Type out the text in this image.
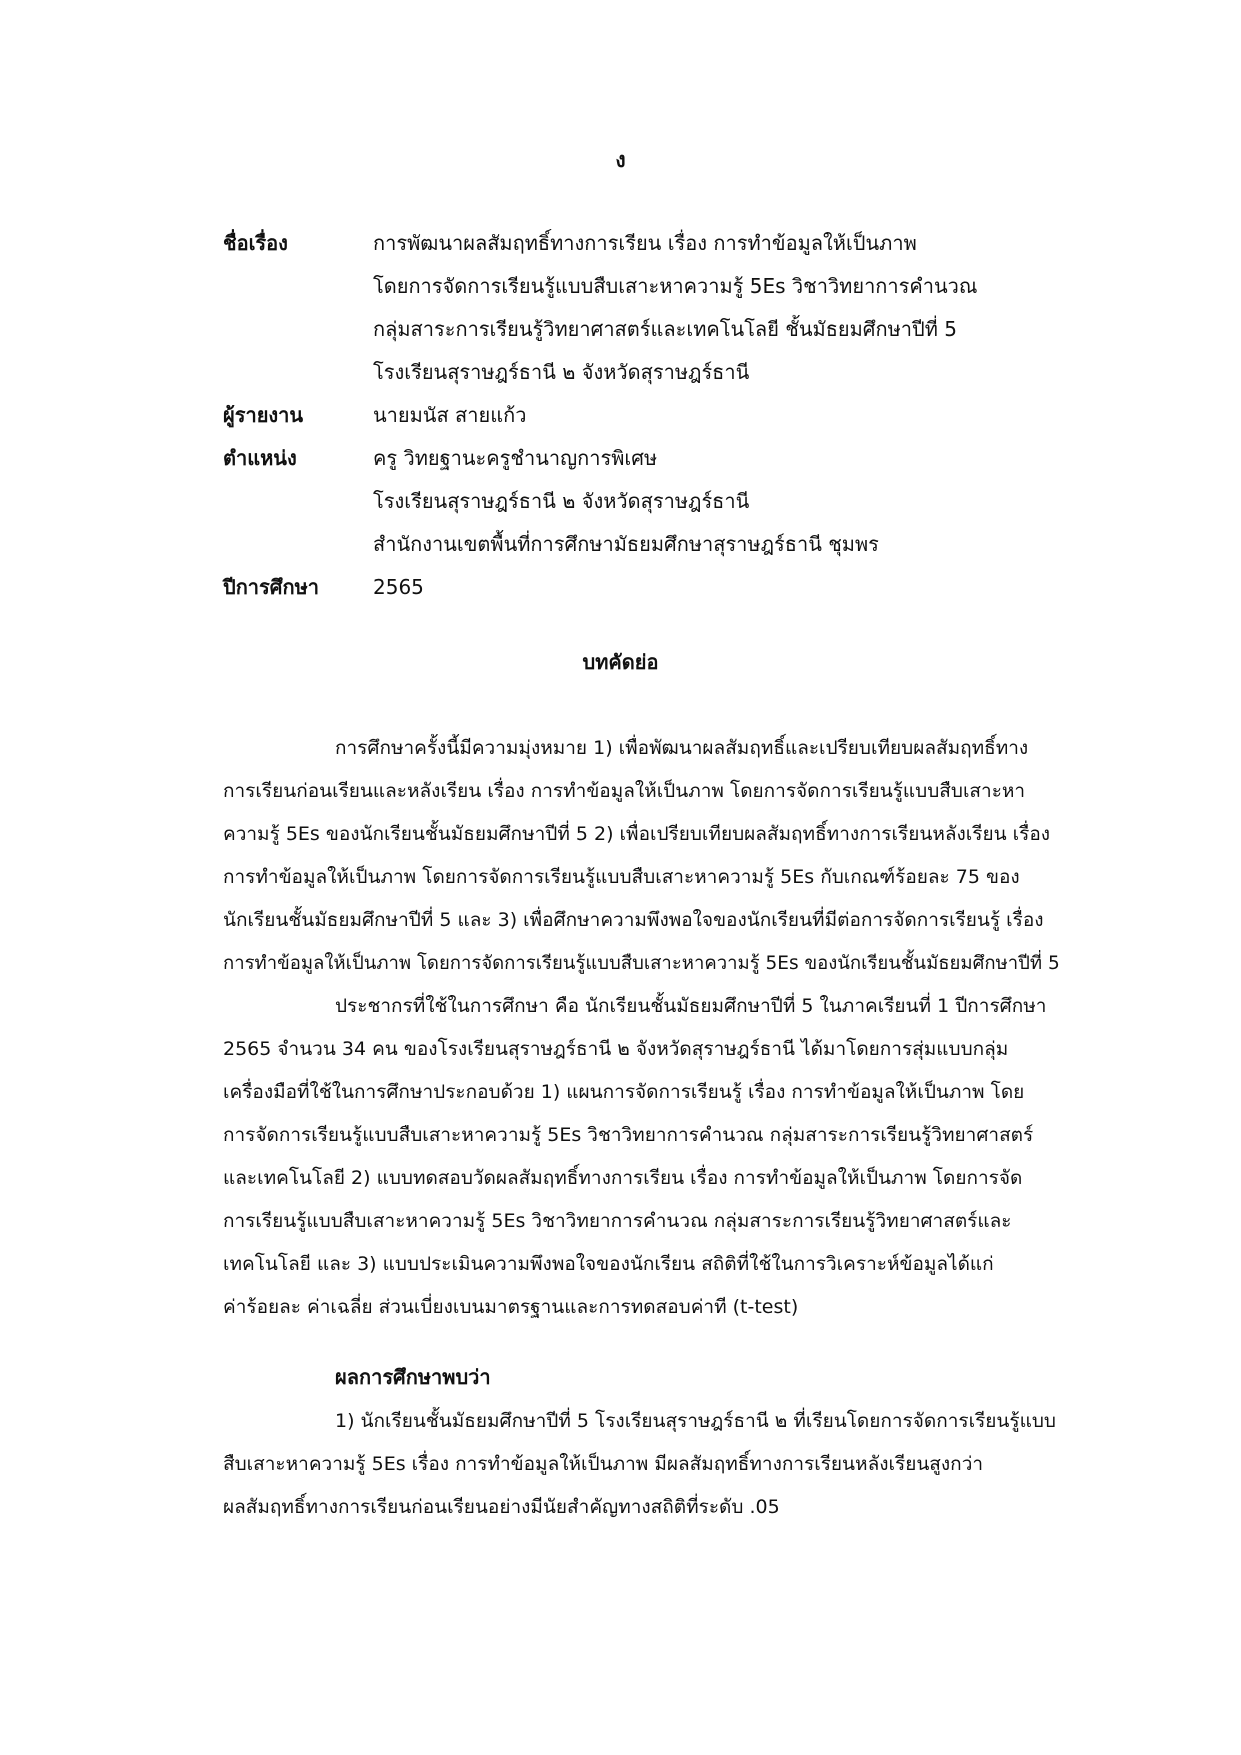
ง
ชื่อเรื่อง	การพัฒนาผลสัมฤทธิ์ทางการเรียน เรื่อง การทำข้อมูลให้เป็นภาพ
โดยการจัดการเรียนรู้แบบสืบเสาะหาความรู้ 5Es วิชาวิทยาการคำนวณ
กลุ่มสาระการเรียนรู้วิทยาศาสตร์และเทคโนโลยี ชั้นมัธยมศึกษาปีที่ 5
โรงเรียนสุราษฎร์ธานี ๒ จังหวัดสุราษฎร์ธานี
ผู้รายงาน	นายมนัส สายแก้ว
ตำแหน่ง	ครู วิทยฐานะครูชำนาญการพิเศษ
โรงเรียนสุราษฎร์ธานี ๒ จังหวัดสุราษฎร์ธานี
สำนักงานเขตพื้นที่การศึกษามัธยมศึกษาสุราษฎร์ธานี ชุมพร
ปีการศึกษา	2565
บทคัดย่อ
การศึกษาครั้งนี้มีความมุ่งหมาย 1) เพื่อพัฒนาผลสัมฤทธิ์และเปรียบเทียบผลสัมฤทธิ์ทาง
การเรียนก่อนเรียนและหลังเรียน เรื่อง การทำข้อมูลให้เป็นภาพ โดยการจัดการเรียนรู้แบบสืบเสาะหา
ความรู้ 5Es ของนักเรียนชั้นมัธยมศึกษาปีที่ 5 2) เพื่อเปรียบเทียบผลสัมฤทธิ์ทางการเรียนหลังเรียน เรื่อง
การทำข้อมูลให้เป็นภาพ โดยการจัดการเรียนรู้แบบสืบเสาะหาความรู้ 5Es กับเกณฑ์ร้อยละ 75 ของ
นักเรียนชั้นมัธยมศึกษาปีที่ 5 และ 3) เพื่อศึกษาความพึงพอใจของนักเรียนที่มีต่อการจัดการเรียนรู้ เรื่อง
การทำข้อมูลให้เป็นภาพ โดยการจัดการเรียนรู้แบบสืบเสาะหาความรู้ 5Es ของนักเรียนชั้นมัธยมศึกษาปีที่ 5
ประชากรที่ใช้ในการศึกษา คือ นักเรียนชั้นมัธยมศึกษาปีที่ 5 ในภาคเรียนที่ 1 ปีการศึกษา
2565 จำนวน 34 คน ของโรงเรียนสุราษฎร์ธานี ๒ จังหวัดสุราษฎร์ธานี ได้มาโดยการสุ่มแบบกลุ่ม
เครื่องมือที่ใช้ในการศึกษาประกอบด้วย 1) แผนการจัดการเรียนรู้ เรื่อง การทำข้อมูลให้เป็นภาพ โดย
การจัดการเรียนรู้แบบสืบเสาะหาความรู้ 5Es วิชาวิทยาการคำนวณ กลุ่มสาระการเรียนรู้วิทยาศาสตร์
และเทคโนโลยี 2) แบบทดสอบวัดผลสัมฤทธิ์ทางการเรียน เรื่อง การทำข้อมูลให้เป็นภาพ โดยการจัด
การเรียนรู้แบบสืบเสาะหาความรู้ 5Es วิชาวิทยาการคำนวณ กลุ่มสาระการเรียนรู้วิทยาศาสตร์และ
เทคโนโลยี และ 3) แบบประเมินความพึงพอใจของนักเรียน สถิติที่ใช้ในการวิเคราะห์ข้อมูลได้แก่
ค่าร้อยละ ค่าเฉลี่ย ส่วนเบี่ยงเบนมาตรฐานและการทดสอบค่าที (t-test)
ผลการศึกษาพบว่า
1) นักเรียนชั้นมัธยมศึกษาปีที่ 5 โรงเรียนสุราษฎร์ธานี ๒ ที่เรียนโดยการจัดการเรียนรู้แบบ
สืบเสาะหาความรู้ 5Es เรื่อง การทำข้อมูลให้เป็นภาพ มีผลสัมฤทธิ์ทางการเรียนหลังเรียนสูงกว่า
ผลสัมฤทธิ์ทางการเรียนก่อนเรียนอย่างมีนัยสำคัญทางสถิติที่ระดับ .05
